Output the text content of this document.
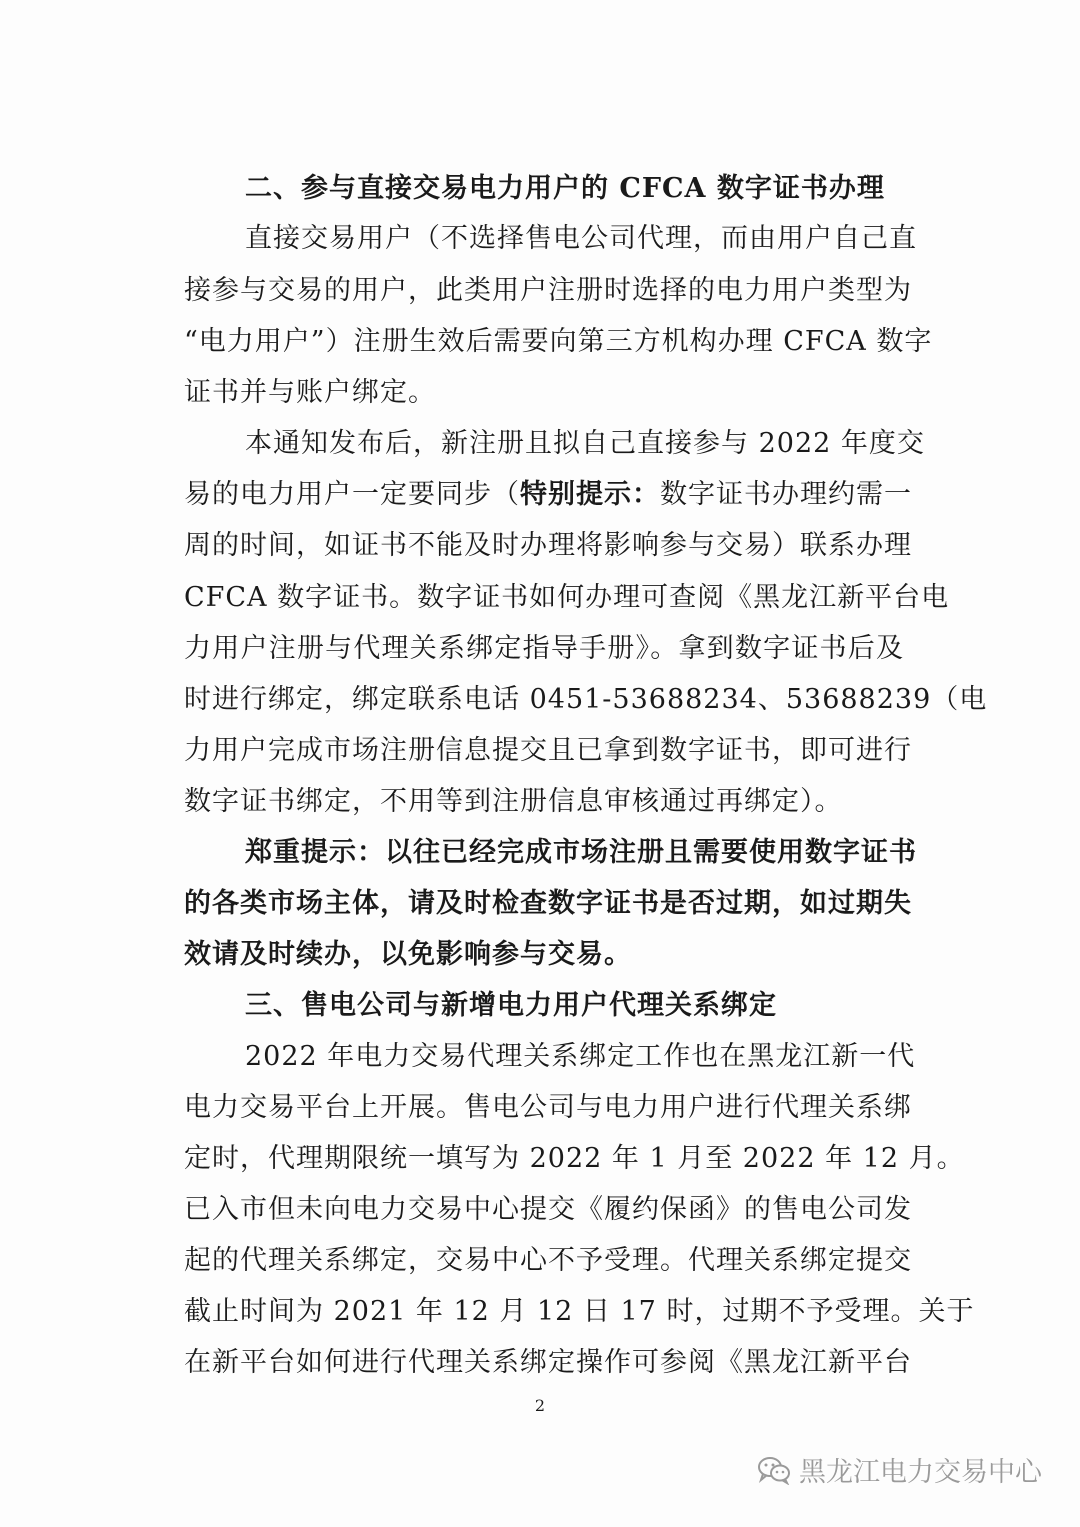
二、参与直接交易电力用户的 CFCA 数字证书办理
直接交易用户（不选择售电公司代理，而由用户自己直
接参与交易的用户，此类用户注册时选择的电力用户类型为
“电力用户”）注册生效后需要向第三方机构办理 CFCA 数字
证书并与账户绑定。
本通知发布后，新注册且拟自己直接参与 2022 年度交
易的电力用户一定要同步（特别提示：数字证书办理约需一
周的时间，如证书不能及时办理将影响参与交易）联系办理
CFCA 数字证书。数字证书如何办理可查阅《黑龙江新平台电
力用户注册与代理关系绑定指导手册》。拿到数字证书后及
时进行绑定，绑定联系电话 0451-53688234、53688239（电
力用户完成市场注册信息提交且已拿到数字证书，即可进行
数字证书绑定，不用等到注册信息审核通过再绑定）。
郑重提示：以往已经完成市场注册且需要使用数字证书
的各类市场主体，请及时检查数字证书是否过期，如过期失
效请及时续办，以免影响参与交易。
三、售电公司与新增电力用户代理关系绑定
2022 年电力交易代理关系绑定工作也在黑龙江新一代
电力交易平台上开展。售电公司与电力用户进行代理关系绑
定时，代理期限统一填写为 2022 年 1 月至 2022 年 12 月。
已入市但未向电力交易中心提交《履约保函》的售电公司发
起的代理关系绑定，交易中心不予受理。代理关系绑定提交
截止时间为 2021 年 12 月 12 日 17 时，过期不予受理。关于
在新平台如何进行代理关系绑定操作可参阅《黑龙江新平台
2
黑龙江电力交易中心
